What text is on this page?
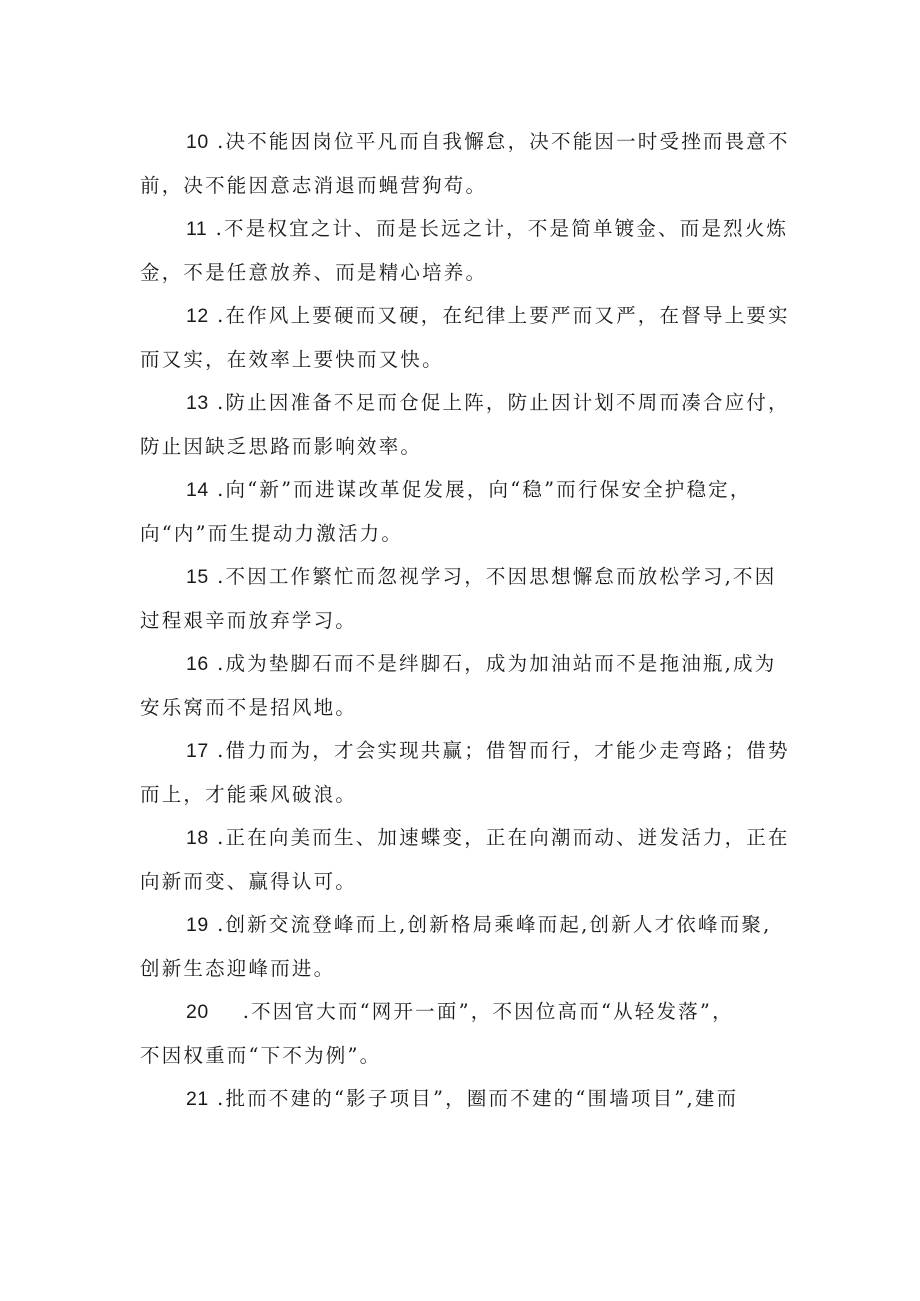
10 .决不能因岗位平凡而自我懈怠，决不能因一时受挫而畏意不
前，决不能因意志消退而蝇营狗苟。
11 .不是权宜之计、而是长远之计，不是简单镀金、而是烈火炼
金，不是任意放养、而是精心培养。
12 .在作风上要硬而又硬，在纪律上要严而又严，在督导上要实
而又实，在效率上要快而又快。
13 .防止因准备不足而仓促上阵，防止因计划不周而凑合应付，
防止因缺乏思路而影响效率。
14 .向“新”而进谋改革促发展，向“稳”而行保安全护稳定，
向“内”而生提动力激活力。
15 .不因工作繁忙而忽视学习，不因思想懈怠而放松学习,不因
过程艰辛而放弃学习。
16 .成为垫脚石而不是绊脚石，成为加油站而不是拖油瓶,成为
安乐窝而不是招风地。
17 .借力而为，才会实现共赢；借智而行，才能少走弯路；借势
而上，才能乘风破浪。
18 .正在向美而生、加速蝶变，正在向潮而动、迸发活力，正在
向新而变、赢得认可。
19 .创新交流登峰而上,创新格局乘峰而起,创新人才依峰而聚,
创新生态迎峰而进。
20 .不因官大而“网开一面”，不因位高而“从轻发落”，
不因权重而“下不为例”。
21 .批而不建的“影子项目”，圈而不建的“围墙项目”,建而
